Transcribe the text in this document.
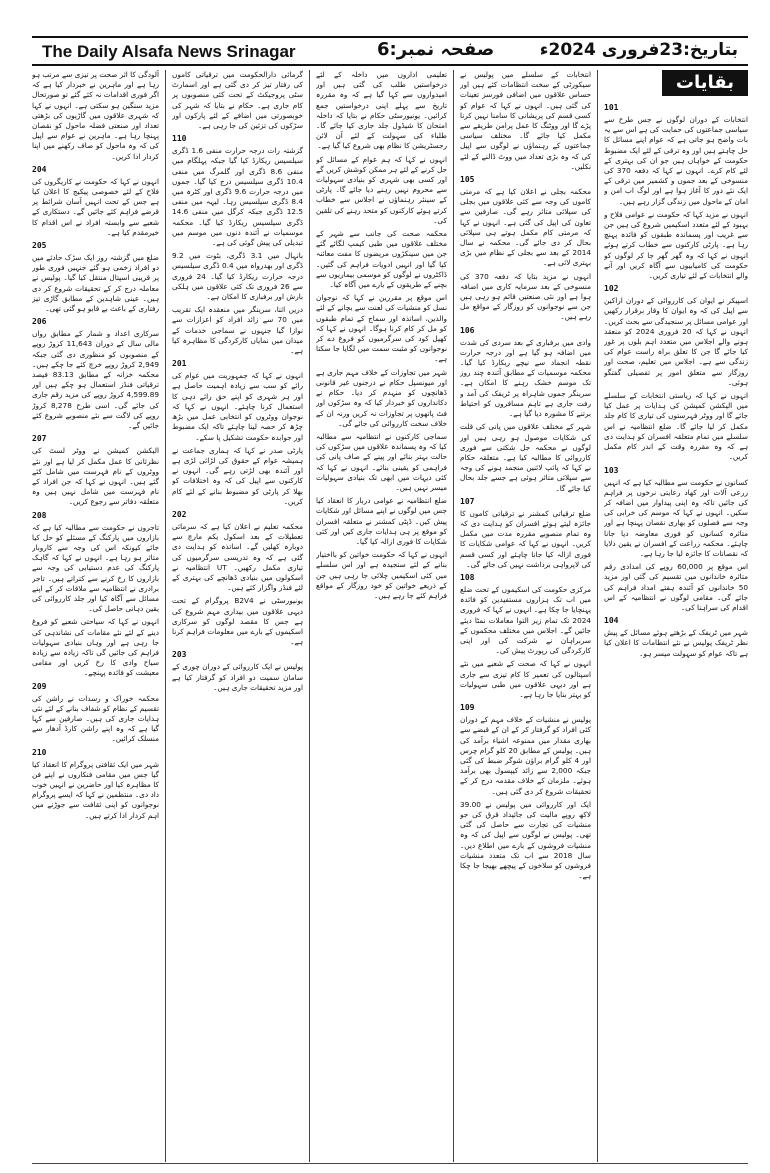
The Daily Alsafa News Srinagar	صفحہ نمبر:6	بتاریخ:23فروری 2024ء
بقایات
101

انتخابات کے دوران لوگوں نے جس طرح سے سیاسی جماعتوں کی حمایت کی ہے اس سے یہ بات واضح ہو جاتی ہے کہ عوام اپنے مسائل کا حل چاہتے ہیں اور وہ ترقی کے لئے ایک مضبوط حکومت کے خواہاں ہیں جو ان کی بہتری کے لئے کام کرے۔ انہوں نے کہا کہ دفعہ 370 کی منسوخی کے بعد جموں و کشمیر میں ترقی کے ایک نئے دور کا آغاز ہوا ہے اور لوگ اب امن و امان کے ماحول میں زندگی گزار رہے ہیں۔

انہوں نے مزید کہا کہ حکومت نے عوامی فلاح و بہبود کے لئے متعدد اسکیمیں شروع کی ہیں جن سے غریب اور پسماندہ طبقوں کو فائدہ پہنچ رہا ہے۔ پارٹی کارکنوں سے خطاب کرتے ہوئے انہوں نے کہا کہ وہ گھر گھر جا کر لوگوں کو حکومت کی کامیابیوں سے آگاہ کریں اور آنے والے انتخابات کے لئے تیاری کریں۔

102

اسپیکر نے ایوان کی کارروائی کے دوران اراکین سے اپیل کی کہ وہ ایوان کا وقار برقرار رکھیں اور عوامی مسائل پر سنجیدگی سے بحث کریں۔ انہوں نے کہا کہ 20 فروری 2024 کو منعقد ہونے والے اجلاس میں متعدد اہم بلوں پر غور کیا جائے گا جن کا تعلق براہ راست عوام کی زندگی سے ہے۔ اجلاس میں تعلیم، صحت اور روزگار سے متعلق امور پر تفصیلی گفتگو ہوئی۔

انہوں نے کہا کہ ریاستی انتخابات کے سلسلے میں الیکشن کمیشن کی ہدایات پر عمل کیا جائے گا اور ووٹر فہرستوں کی تیاری کا کام جلد مکمل کر لیا جائے گا۔ ضلع انتظامیہ نے اس سلسلے میں تمام متعلقہ افسران کو ہدایت دی ہے کہ وہ مقررہ وقت کے اندر کام مکمل کریں۔

103

کسانوں نے حکومت سے مطالبہ کیا ہے کہ انہیں زرعی آلات اور کھاد رعایتی نرخوں پر فراہم کی جائیں تاکہ وہ اپنی پیداوار میں اضافہ کر سکیں۔ انہوں نے کہا کہ موسم کی خرابی کی وجہ سے فصلوں کو بھاری نقصان پہنچا ہے اور متاثرہ کسانوں کو فوری معاوضہ دیا جانا چاہئے۔ محکمہ زراعت کے افسران نے یقین دلایا کہ نقصانات کا جائزہ لیا جا رہا ہے۔

اس موقع پر 60,000 روپے کی امدادی رقم متاثرہ خاندانوں میں تقسیم کی گئی اور مزید 50 خاندانوں کو آئندہ ہفتے امداد فراہم کی جائے گی۔ مقامی لوگوں نے انتظامیہ کے اس اقدام کی سراہنا کی۔

104

شہر میں ٹریفک کے بڑھتے ہوئے مسائل کے پیش نظر ٹریفک پولیس نے نئے انتظامات کا اعلان کیا ہے تاکہ عوام کو سہولت میسر ہو۔

انتخابات کے سلسلے میں پولیس نے سیکورٹی کے سخت انتظامات کئے ہیں اور حساس علاقوں میں اضافی فورسز تعینات کی گئی ہیں۔ انہوں نے کہا کہ عوام کو کسی قسم کی پریشانی کا سامنا نہیں کرنا پڑے گا اور ووٹنگ کا عمل پرامن طریقے سے مکمل کیا جائے گا۔ مختلف سیاسی جماعتوں کے رہنماؤں نے لوگوں سے اپیل کی کہ وہ بڑی تعداد میں ووٹ ڈالنے کے لئے نکلیں۔

105

محکمہ بجلی نے اعلان کیا ہے کہ مرمتی کاموں کی وجہ سے کئی علاقوں میں بجلی کی سپلائی متاثر رہے گی۔ صارفین سے تعاون کی اپیل کی گئی ہے۔ انہوں نے کہا کہ مرمتی کام مکمل ہوتے ہی سپلائی بحال کر دی جائے گی۔ محکمہ نے سال 2014 کے بعد سے بجلی کے نظام میں بڑی بہتری لائی ہے۔

انہوں نے مزید بتایا کہ دفعہ 370 کی منسوخی کے بعد سرمایہ کاری میں اضافہ ہوا ہے اور نئی صنعتیں قائم ہو رہی ہیں جن سے نوجوانوں کو روزگار کے مواقع مل رہے ہیں۔

106

وادی میں برفباری کے بعد سردی کی شدت میں اضافہ ہو گیا ہے اور درجہ حرارت نقطہ انجماد سے نیچے ریکارڈ کیا گیا۔ محکمہ موسمیات کے مطابق آئندہ چند روز تک موسم خشک رہنے کا امکان ہے۔ سرینگر جموں شاہراہ پر ٹریفک کی آمد و رفت جاری ہے تاہم مسافروں کو احتیاط برتنے کا مشورہ دیا گیا ہے۔

شہر کے مختلف علاقوں میں پانی کی قلت کی شکایات موصول ہو رہی ہیں اور لوگوں نے محکمہ جل شکتی سے فوری کارروائی کا مطالبہ کیا ہے۔ متعلقہ حکام نے کہا کہ پائپ لائنیں منجمد ہونے کی وجہ سے سپلائی متاثر ہوئی ہے جسے جلد بحال کیا جائے گا۔

107

ضلع ترقیاتی کمشنر نے ترقیاتی کاموں کا جائزہ لیتے ہوئے افسران کو ہدایت دی کہ وہ تمام منصوبے مقررہ مدت میں مکمل کریں۔ انہوں نے کہا کہ عوامی شکایات کا فوری ازالہ کیا جانا چاہئے اور کسی قسم کی لاپرواہی برداشت نہیں کی جائے گی۔

108

مرکزی حکومت کی اسکیموں کے تحت ضلع میں اب تک ہزاروں مستفیدین کو فائدہ پہنچایا جا چکا ہے۔ انہوں نے کہا کہ فروری 2024 تک تمام زیر التوا معاملات نمٹا دیئے جائیں گے۔ اجلاس میں مختلف محکموں کے سربراہان نے شرکت کی اور اپنی کارکردگی کی رپورٹ پیش کی۔

انہوں نے کہا کہ صحت کے شعبے میں نئے اسپتالوں کی تعمیر کا کام تیزی سے جاری ہے اور دیہی علاقوں میں طبی سہولیات کو بہتر بنایا جا رہا ہے۔

109

پولیس نے منشیات کے خلاف مہم کے دوران کئی افراد کو گرفتار کر کے ان کے قبضے سے بھاری مقدار میں ممنوعہ اشیاء برآمد کی ہیں۔ پولیس کے مطابق 20 کلو گرام چرس اور 4 کلو گرام براؤن شوگر ضبط کی گئی جبکہ 2,000 سے زائد کیپسول بھی برآمد ہوئے۔ ملزمان کے خلاف مقدمہ درج کر کے تحقیقات شروع کر دی گئی ہیں۔

ایک اور کارروائی میں پولیس نے 39.00 لاکھ روپے مالیت کی جائیداد قرق کی جو منشیات کی تجارت سے حاصل کی گئی تھی۔ پولیس نے لوگوں سے اپیل کی کہ وہ منشیات فروشوں کے بارے میں اطلاع دیں۔ سال 2018 سے اب تک متعدد منشیات فروشوں کو سلاخوں کے پیچھے بھیجا جا چکا ہے۔

تعلیمی اداروں میں داخلہ کے لئے درخواستیں طلب کی گئی ہیں اور امیدواروں سے کہا گیا ہے کہ وہ مقررہ تاریخ سے پہلے اپنی درخواستیں جمع کرائیں۔ یونیورسٹی حکام نے بتایا کہ داخلہ امتحان کا شیڈول جلد جاری کیا جائے گا۔ طلباء کی سہولت کے لئے آن لائن رجسٹریشن کا نظام بھی شروع کیا گیا ہے۔

انہوں نے کہا کہ ہم عوام کے مسائل کو حل کرنے کے لئے ہر ممکن کوشش کریں گے اور کسی بھی شہری کو بنیادی سہولیات سے محروم نہیں رہنے دیا جائے گا۔ پارٹی کے سینئر رہنماؤں نے اجلاس سے خطاب کرتے ہوئے کارکنوں کو متحد رہنے کی تلقین کی۔

محکمہ صحت کی جانب سے شہر کے مختلف علاقوں میں طبی کیمپ لگائے گئے جن میں سینکڑوں مریضوں کا مفت معائنہ کیا گیا اور انہیں ادویات فراہم کی گئیں۔ ڈاکٹروں نے لوگوں کو موسمی بیماریوں سے بچنے کے طریقوں کے بارے میں آگاہ کیا۔

اس موقع پر مقررین نے کہا کہ نوجوان نسل کو منشیات کی لعنت سے بچانے کے لئے والدین، اساتذہ اور سماج کے تمام طبقوں کو مل کر کام کرنا ہوگا۔ انہوں نے کہا کہ کھیل کود کی سرگرمیوں کو فروغ دے کر نوجوانوں کو مثبت سمت میں لگایا جا سکتا ہے۔

شہر میں تجاوزات کے خلاف مہم جاری ہے اور میونسپل حکام نے درجنوں غیر قانونی ڈھانچوں کو منہدم کر دیا۔ حکام نے دکانداروں کو خبردار کیا کہ وہ سڑکوں اور فٹ پاتھوں پر تجاوزات نہ کریں ورنہ ان کے خلاف سخت کارروائی کی جائے گی۔

سماجی کارکنوں نے انتظامیہ سے مطالبہ کیا کہ وہ پسماندہ علاقوں میں سڑکوں کی حالت بہتر بنائے اور پینے کے صاف پانی کی فراہمی کو یقینی بنائے۔ انہوں نے کہا کہ کئی دیہات میں ابھی تک بنیادی سہولیات میسر نہیں ہیں۔

ضلع انتظامیہ نے عوامی دربار کا انعقاد کیا جس میں لوگوں نے اپنے مسائل اور شکایات پیش کیں۔ ڈپٹی کمشنر نے متعلقہ افسران کو موقع پر ہی ہدایات جاری کیں اور کئی شکایات کا فوری ازالہ کیا گیا۔

انہوں نے کہا کہ حکومت خواتین کو بااختیار بنانے کے لئے سنجیدہ ہے اور اس سلسلے میں کئی اسکیمیں چلائی جا رہی ہیں جن کے ذریعے خواتین کو خود روزگار کے مواقع فراہم کئے جا رہے ہیں۔

گرمائی دارالحکومت میں ترقیاتی کاموں کی رفتار تیز کر دی گئی ہے اور اسمارٹ سٹی پروجیکٹ کے تحت کئی منصوبوں پر کام جاری ہے۔ حکام نے بتایا کہ شہر کی خوبصورتی میں اضافے کے لئے پارکوں اور سڑکوں کی تزئین کی جا رہی ہے۔

110

گزشتہ رات درجہ حرارت منفی 1.6 ڈگری سیلسیس ریکارڈ کیا گیا جبکہ پہلگام میں منفی 8.6 ڈگری اور گلمرگ میں منفی 10.4 ڈگری سیلسیس درج کیا گیا۔ جموں میں درجہ حرارت 9.6 ڈگری اور کٹرہ میں 8.4 ڈگری سیلسیس رہا۔ لیہہ میں منفی 12.5 ڈگری جبکہ کرگل میں منفی 14.6 ڈگری سیلسیس ریکارڈ کیا گیا۔ محکمہ موسمیات نے آئندہ دنوں میں موسم میں تبدیلی کی پیش گوئی کی ہے۔

بانہال میں 3.1 ڈگری، بٹوت میں 9.2 ڈگری اور بھدرواہ میں 0.4 ڈگری سیلسیس درجہ حرارت ریکارڈ کیا گیا۔ 24 فروری سے 26 فروری تک کئی علاقوں میں ہلکی بارش اور برفباری کا امکان ہے۔

دریں اثنا، سرینگر میں منعقدہ ایک تقریب میں 70 سے زائد افراد کو اعزازات سے نوازا گیا جنہوں نے سماجی خدمات کے میدان میں نمایاں کارکردگی کا مظاہرہ کیا ہے۔

201

انہوں نے کہا کہ جمہوریت میں عوام کی رائے کو سب سے زیادہ اہمیت حاصل ہے اور ہر شہری کو اپنے حق رائے دہی کا استعمال کرنا چاہئے۔ انہوں نے کہا کہ نوجوان ووٹروں کو انتخابی عمل میں بڑھ چڑھ کر حصہ لینا چاہئے تاکہ ایک مضبوط اور جوابدہ حکومت تشکیل پا سکے۔

پارٹی صدر نے کہا کہ ہماری جماعت نے ہمیشہ عوام کے حقوق کی لڑائی لڑی ہے اور آئندہ بھی لڑتی رہے گی۔ انہوں نے کارکنوں سے اپیل کی کہ وہ اختلافات کو بھلا کر پارٹی کو مضبوط بنانے کے لئے کام کریں۔

202

محکمہ تعلیم نے اعلان کیا ہے کہ سرمائی تعطیلات کے بعد اسکول یکم مارچ سے دوبارہ کھلیں گے۔ اساتذہ کو ہدایت دی گئی ہے کہ وہ تدریسی سرگرمیوں کی تیاری مکمل رکھیں۔ UT انتظامیہ نے اسکولوں میں بنیادی ڈھانچے کی بہتری کے لئے فنڈز واگزار کئے ہیں۔

یونیورسٹی نے B2V4 پروگرام کے تحت دیہی علاقوں میں بیداری مہم شروع کی ہے جس کا مقصد لوگوں کو سرکاری اسکیموں کے بارے میں معلومات فراہم کرنا ہے۔

203

پولیس نے ایک کارروائی کے دوران چوری کے سامان سمیت دو افراد کو گرفتار کیا ہے اور مزید تحقیقات جاری ہیں۔

آلودگی کا اثر صحت پر تیزی سے مرتب ہو رہا ہے اور ماہرین نے خبردار کیا ہے کہ اگر فوری اقدامات نہ کئے گئے تو صورتحال مزید سنگین ہو سکتی ہے۔ انہوں نے کہا کہ شہری علاقوں میں گاڑیوں کی بڑھتی تعداد اور صنعتی فضلہ ماحول کو نقصان پہنچا رہا ہے۔ ماہرین نے عوام سے اپیل کی کہ وہ ماحول کو صاف رکھنے میں اپنا کردار ادا کریں۔

204

انہوں نے کہا کہ حکومت نے کاریگروں کی فلاح کے لئے خصوصی پیکیج کا اعلان کیا ہے جس کے تحت انہیں آسان شرائط پر قرضے فراہم کئے جائیں گے۔ دستکاری کے شعبے سے وابستہ افراد نے اس اقدام کا خیرمقدم کیا ہے۔

205

ضلع میں گزشتہ روز ایک سڑک حادثے میں دو افراد زخمی ہو گئے جنہیں فوری طور پر قریبی اسپتال منتقل کیا گیا۔ پولیس نے معاملہ درج کر کے تحقیقات شروع کر دی ہیں۔ عینی شاہدین کے مطابق گاڑی تیز رفتاری کے باعث بے قابو ہو گئی تھی۔

206

سرکاری اعداد و شمار کے مطابق رواں مالی سال کے دوران 11,643 کروڑ روپے کے منصوبوں کو منظوری دی گئی جبکہ 2,949 کروڑ روپے خرچ کئے جا چکے ہیں۔ محکمہ خزانہ کے مطابق 83.13 فیصد ترقیاتی فنڈز استعمال ہو چکے ہیں اور 4,599.89 کروڑ روپے کی مزید رقم جاری کی جائے گی۔ اسی طرح 8,278 کروڑ روپے کی لاگت سے نئے منصوبے شروع کئے جائیں گے۔

207

الیکشن کمیشن نے ووٹر لسٹ کی نظرثانی کا عمل مکمل کر لیا ہے اور نئے ووٹروں کے نام فہرست میں شامل کئے گئے ہیں۔ انہوں نے کہا کہ جن افراد کے نام فہرست میں شامل نہیں ہیں وہ متعلقہ دفاتر سے رجوع کریں۔

208

تاجروں نے حکومت سے مطالبہ کیا ہے کہ بازاروں میں پارکنگ کے مسئلے کو حل کیا جائے کیونکہ اس کی وجہ سے کاروبار متاثر ہو رہا ہے۔ انہوں نے کہا کہ گاہک پارکنگ کی عدم دستیابی کی وجہ سے بازاروں کا رخ کرنے سے کتراتے ہیں۔ تاجر برادری نے انتظامیہ سے ملاقات کر کے اپنے مسائل سے آگاہ کیا اور جلد کارروائی کی یقین دہانی حاصل کی۔

انہوں نے کہا کہ سیاحتی شعبے کو فروغ دینے کے لئے نئے مقامات کی نشاندہی کی جا رہی ہے اور وہاں بنیادی سہولیات فراہم کی جائیں گی تاکہ زیادہ سے زیادہ سیاح وادی کا رخ کریں اور مقامی معیشت کو فائدہ پہنچے۔

209

محکمہ خوراک و رسدات نے راشن کی تقسیم کے نظام کو شفاف بنانے کے لئے نئی ہدایات جاری کی ہیں۔ صارفین سے کہا گیا ہے کہ وہ اپنے راشن کارڈ آدھار سے منسلک کرائیں۔

210

شہر میں ایک ثقافتی پروگرام کا انعقاد کیا گیا جس میں مقامی فنکاروں نے اپنے فن کا مظاہرہ کیا اور حاضرین نے انہیں خوب داد دی۔ منتظمین نے کہا کہ ایسے پروگرام نوجوانوں کو اپنی ثقافت سے جوڑنے میں اہم کردار ادا کرتے ہیں۔
